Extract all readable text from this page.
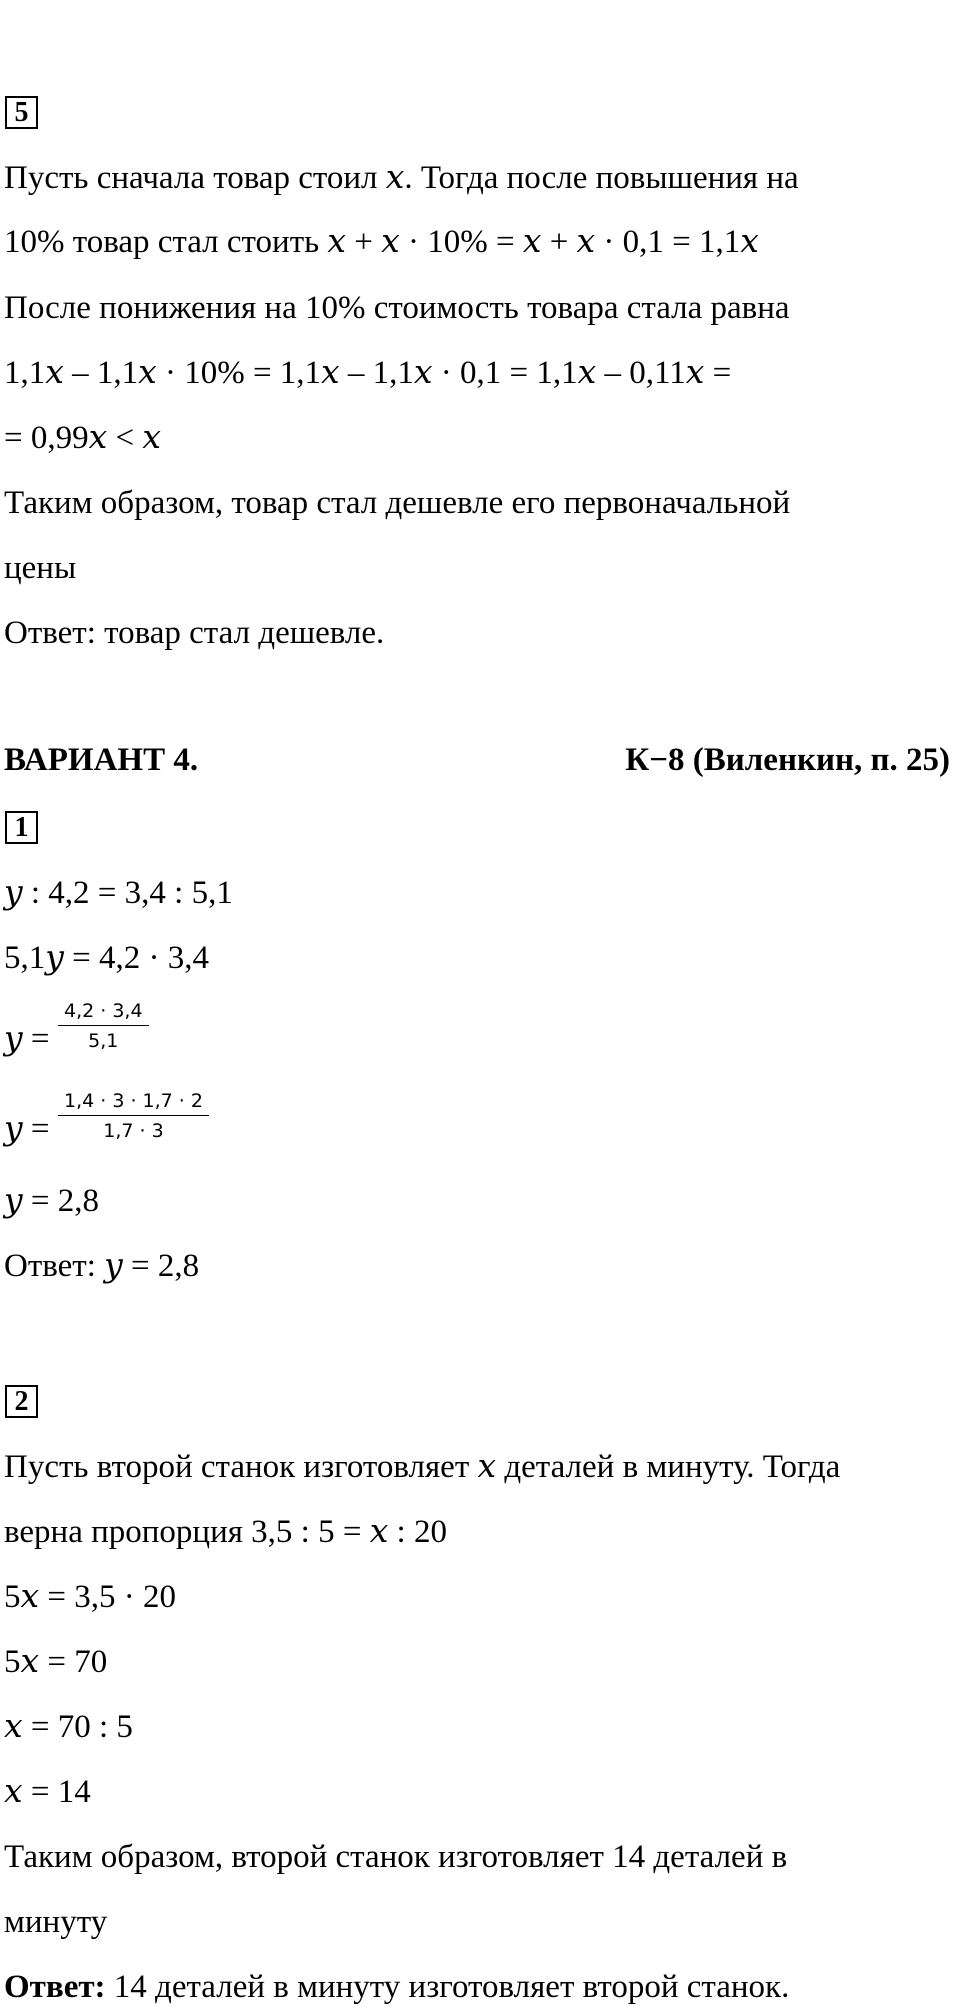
5
Пусть сначала товар стоил 𝑥. Тогда после повышения на
10% товар стал стоить 𝑥 + 𝑥 · 10% = 𝑥 + 𝑥 · 0,1 = 1,1𝑥
После понижения на 10% стоимость товара стала равна
1,1𝑥 – 1,1𝑥 · 10% = 1,1𝑥 – 1,1𝑥 · 0,1 = 1,1𝑥 – 0,11𝑥 =
= 0,99𝑥 < 𝑥
Таким образом, товар стал дешевле его первоначальной
цены
Ответ: товар стал дешевле.
ВАРИАНТ 4.	К−8 (Виленкин, п. 25)
1
𝑦 : 4,2 = 3,4 : 5,1
5,1𝑦 = 4,2 · 3,4
𝑦 = $\frac{4,2 \cdot 3,4}{5,1}$
𝑦 = $\frac{1,4 \cdot 3 \cdot 1,7 \cdot 2}{1,7 \cdot 3}$
𝑦 = 2,8
Ответ: 𝑦 = 2,8
2
Пусть второй станок изготовляет 𝑥 деталей в минуту. Тогда
верна пропорция 3,5 : 5 = 𝑥 : 20
5𝑥 = 3,5 · 20
5𝑥 = 70
𝑥 = 70 : 5
𝑥 = 14
Таким образом, второй станок изготовляет 14 деталей в
минуту
Ответ: 14 деталей в минуту изготовляет второй станок.
